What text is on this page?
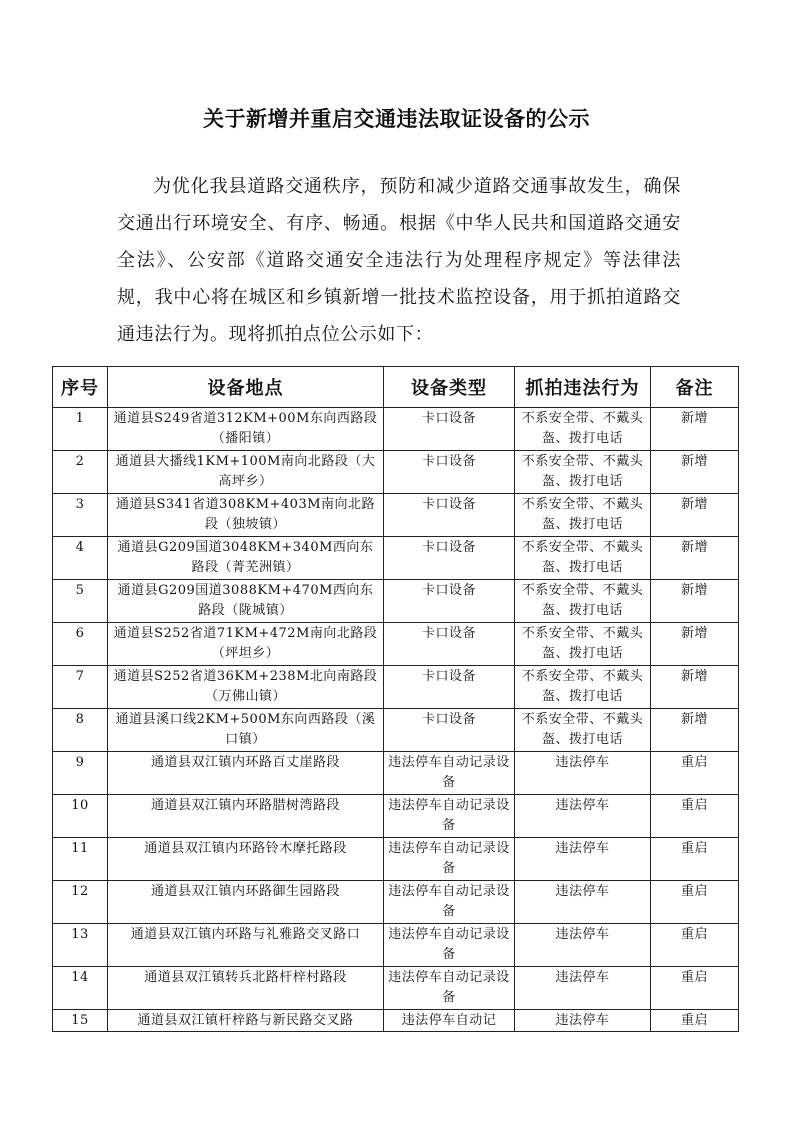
关于新增并重启交通违法取证设备的公示

为优化我县道路交通秩序，预防和减少道路交通事故发生，确保交通出行环境安全、有序、畅通。根据《中华人民共和国道路交通安全法》、公安部《道路交通安全违法行为处理程序规定》等法律法规，我中心将在城区和乡镇新增一批技术监控设备，用于抓拍道路交通违法行为。现将抓拍点位公示如下：

序号	设备地点	设备类型	抓拍违法行为	备注
1	通道县S249省道312KM+00M东向西路段（播阳镇）	卡口设备	不系安全带、不戴头盔、拨打电话	新增
2	通道县大播线1KM+100M南向北路段（大高坪乡）	卡口设备	不系安全带、不戴头盔、拨打电话	新增
3	通道县S341省道308KM+403M南向北路段（独坡镇）	卡口设备	不系安全带、不戴头盔、拨打电话	新增
4	通道县G209国道3048KM+340M西向东路段（菁芜洲镇）	卡口设备	不系安全带、不戴头盔、拨打电话	新增
5	通道县G209国道3088KM+470M西向东路段（陇城镇）	卡口设备	不系安全带、不戴头盔、拨打电话	新增
6	通道县S252省道71KM+472M南向北路段（坪坦乡）	卡口设备	不系安全带、不戴头盔、拨打电话	新增
7	通道县S252省道36KM+238M北向南路段（万佛山镇）	卡口设备	不系安全带、不戴头盔、拨打电话	新增
8	通道县溪口线2KM+500M东向西路段（溪口镇）	卡口设备	不系安全带、不戴头盔、拨打电话	新增
9	通道县双江镇内环路百丈崖路段	违法停车自动记录设备	违法停车	重启
10	通道县双江镇内环路腊树湾路段	违法停车自动记录设备	违法停车	重启
11	通道县双江镇内环路铃木摩托路段	违法停车自动记录设备	违法停车	重启
12	通道县双江镇内环路御生园路段	违法停车自动记录设备	违法停车	重启
13	通道县双江镇内环路与礼雅路交叉路口	违法停车自动记录设备	违法停车	重启
14	通道县双江镇转兵北路杆梓村路段	违法停车自动记录设备	违法停车	重启
15	通道县双江镇杆梓路与新民路交叉路	违法停车自动记	违法停车	重启
